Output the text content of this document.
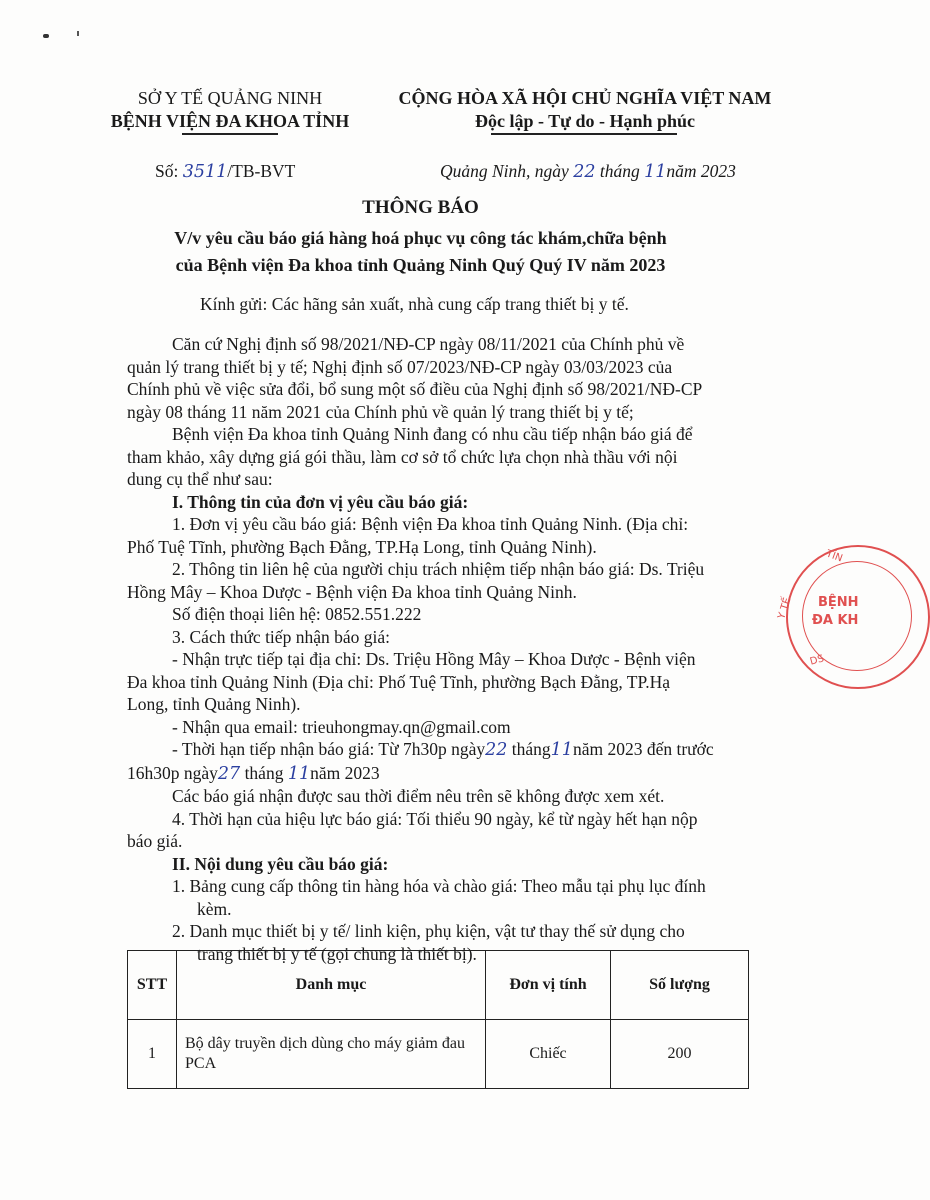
SỞ Y TẾ QUẢNG NINH
BỆNH VIỆN ĐA KHOA TỈNH
CỘNG HÒA XÃ HỘI CHỦ NGHĨA VIỆT NAM
Độc lập - Tự do - Hạnh phúc
Số: 3511/TB-BVT	Quảng Ninh, ngày 22 tháng 11năm 2023
THÔNG BÁO
V/v yêu cầu báo giá hàng hoá phục vụ công tác khám,chữa bệnh
của Bệnh viện Đa khoa tỉnh Quảng Ninh Quý Quý IV năm 2023
Kính gửi: Các hãng sản xuất, nhà cung cấp trang thiết bị y tế.
Căn cứ Nghị định số 98/2021/NĐ-CP ngày 08/11/2021 của Chính phủ về
quản lý trang thiết bị y tế; Nghị định số 07/2023/NĐ-CP ngày 03/03/2023 của
Chính phủ về việc sửa đổi, bổ sung một số điều của Nghị định số 98/2021/NĐ-CP
ngày 08 tháng 11 năm 2021 của Chính phủ về quản lý trang thiết bị y tế;
Bệnh viện Đa khoa tỉnh Quảng Ninh đang có nhu cầu tiếp nhận báo giá để
tham khảo, xây dựng giá gói thầu, làm cơ sở tổ chức lựa chọn nhà thầu với nội
dung cụ thể như sau:
I. Thông tin của đơn vị yêu cầu báo giá:
1. Đơn vị yêu cầu báo giá: Bệnh viện Đa khoa tỉnh Quảng Ninh. (Địa chỉ:
Phố Tuệ Tĩnh, phường Bạch Đằng, TP.Hạ Long, tỉnh Quảng Ninh).
2. Thông tin liên hệ của người chịu trách nhiệm tiếp nhận báo giá: Ds. Triệu
Hồng Mây – Khoa Dược - Bệnh viện Đa khoa tỉnh Quảng Ninh.
Số điện thoại liên hệ: 0852.551.222
3. Cách thức tiếp nhận báo giá:
- Nhận trực tiếp tại địa chỉ: Ds. Triệu Hồng Mây – Khoa Dược - Bệnh viện
Đa khoa tỉnh Quảng Ninh (Địa chỉ: Phố Tuệ Tĩnh, phường Bạch Đằng, TP.Hạ
Long, tỉnh Quảng Ninh).
- Nhận qua email: trieuhongmay.qn@gmail.com
- Thời hạn tiếp nhận báo giá: Từ 7h30p ngày22 tháng11năm 2023 đến trước
16h30p ngày27 tháng 11năm 2023
Các báo giá nhận được sau thời điểm nêu trên sẽ không được xem xét.
4. Thời hạn của hiệu lực báo giá: Tối thiểu 90 ngày, kể từ ngày hết hạn nộp
báo giá.
II. Nội dung yêu cầu báo giá:
1. Bảng cung cấp thông tin hàng hóa và chào giá: Theo mẫu tại phụ lục đính
kèm.
2. Danh mục thiết bị y tế/ linh kiện, phụ kiện, vật tư thay thế sử dụng cho
trang thiết bị y tế (gọi chung là thiết bị).
STT	Danh mục	Đơn vị tính	Số lượng
1	Bộ dây truyền dịch dùng cho máy giảm đau PCA	Chiếc	200
TỈN
Y TẾ BỆNH
ĐA KH
DS
